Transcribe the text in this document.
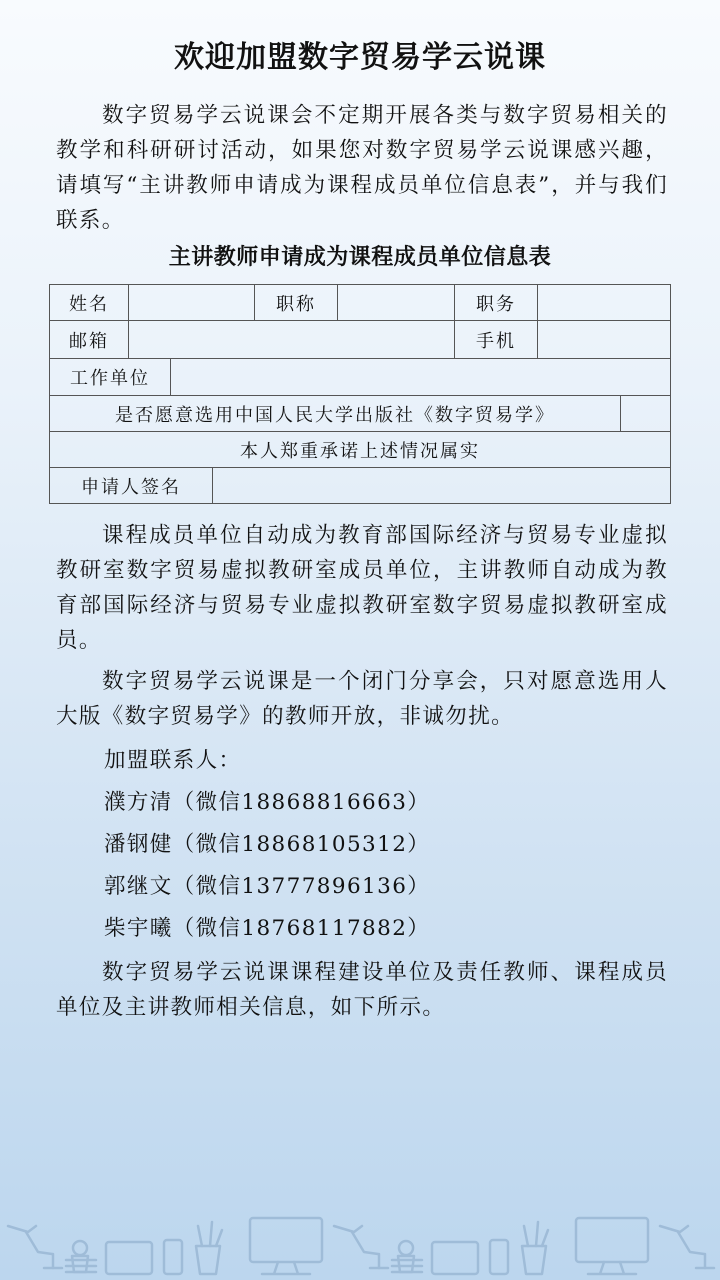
欢迎加盟数字贸易学云说课

数字贸易学云说课会不定期开展各类与数字贸易相关的教学和科研研讨活动，如果您对数字贸易学云说课感兴趣，请填写“主讲教师申请成为课程成员单位信息表”，并与我们联系。

主讲教师申请成为课程成员单位信息表
姓名	职称	职务
邮箱	手机
工作单位
是否愿意选用中国人民大学出版社《数字贸易学》
本人郑重承诺上述情况属实
申请人签名

课程成员单位自动成为教育部国际经济与贸易专业虚拟教研室数字贸易虚拟教研室成员单位，主讲教师自动成为教育部国际经济与贸易专业虚拟教研室数字贸易虚拟教研室成员。

数字贸易学云说课是一个闭门分享会，只对愿意选用人大版《数字贸易学》的教师开放，非诚勿扰。

加盟联系人：
濮方清（微信18868816663）
潘钢健（微信18868105312）
郭继文（微信13777896136）
柴宇曦（微信18768117882）

数字贸易学云说课课程建设单位及责任教师、课程成员单位及主讲教师相关信息，如下所示。
